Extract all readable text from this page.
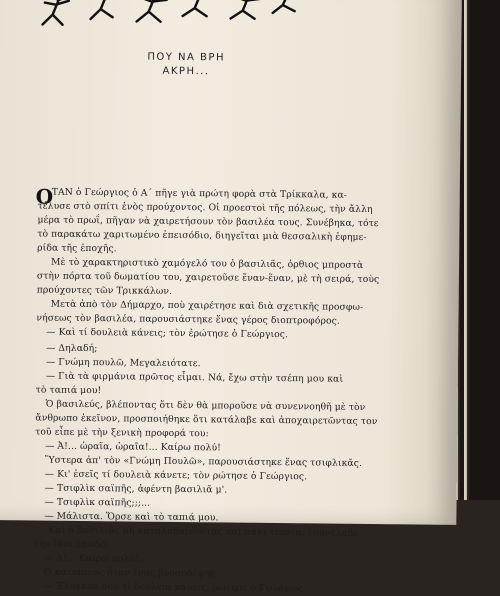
ΠΟΥ ΝΑ ΒΡΗ
ΑΚΡΗ...
Ο
ΤΑΝ ὁ Γεώργιος ὁ Α΄ πῆγε γιὰ πρώτη φορὰ στὰ Τρίκκαλα, κα-
τέλυσε στὸ σπίτι ἑνὸς προύχοντος. Οἱ προεστοὶ τῆς πόλεως, τὴν ἄλλη
μέρα τὸ πρωΐ, πῆγαν νὰ χαιρετήσουν τὸν βασιλέα τους. Συνέβηκα, τότε
τὸ παρακάτω χαριτωμένο ἐπεισόδιο, διηγεῖται μιὰ θεσσαλικὴ ἐφημε-
ρίδα τῆς ἐποχῆς.
Μὲ τὸ χαρακτηριστικὸ χαμόγελό του ὁ βασιλιᾶς, ὀρθιος μπροστὰ
στὴν πόρτα τοῦ δωματίου του, χαιρετοῦσε ἕναν-ἕναν, μὲ τὴ σειρά, τοὺς
προύχοντες τῶν Τρικκάλων.
Μετὰ ἀπὸ τὸν Δήμαρχο, ποὺ χαιρέτησε καὶ διὰ σχετικῆς προσφω-
νήσεως τὸν βασιλέα, παρουσιάστηκε ἕνας γέρος διοπτροφόρος.
— Καὶ τί δουλειὰ κάνεις; τὸν ἐρώτησε ὁ Γεώργιος.
— Δηλαδή;
— Γνώμη πουλῶ, Μεγαλειότατε.
— Γιὰ τὰ φιρμάνια πρῶτος εἶμαι. Νά, ἔχω στὴν τσέπη μου καὶ
τὸ ταπιά μου!
Ὁ βασιλεύς, βλέποντας ὅτι δὲν θὰ μποροῦσε νὰ συνεννοηθῆ μὲ τὸν
ἄνθρωπο ἐκεῖνον, προσποιήθηκε ὅτι κατάλαβε καὶ ἀποχαιρετῶντας τον
τοῦ εἶπε μὲ τὴν ξενικὴ προφορά του:
— Ἀ!... ὡραῖα, ὡραῖα!... Καίρω πολύ!
Ὕστερα ἀπ' τὸν «Γνώμη Πουλῶ», παρουσιάστηκε ἕνας τσιφλικᾶς.
— Κι' ἐσεῖς τί δουλειὰ κάνετε; τὸν ρώτησε ὁ Γεώργιος.
— Τσιφλὶκ σαϊπῆς, ἀφέντη βασιλιᾶ μ'.
— Τσιφλὶκ σαϊπῆς;;;...
— Μάλιστα. Ὅρσε καὶ τὸ ταπιά μου.
Καὶ ὁ βασιλιᾶς μὴ καταλαβαίνοντας καὶ πάλι τίποτα, ἐπανέλαβε
τὴν ἴδια ἐπωδό:
— Ἀ!... Καίρω πολύ!...
Ὁ κατοπινὸς ἦταν ἕνας βυρσοδέψης.
— Ἐλόγκου σου τί δουλειὰ κάνεις; ρώτησε ὁ Γεώργιος.
